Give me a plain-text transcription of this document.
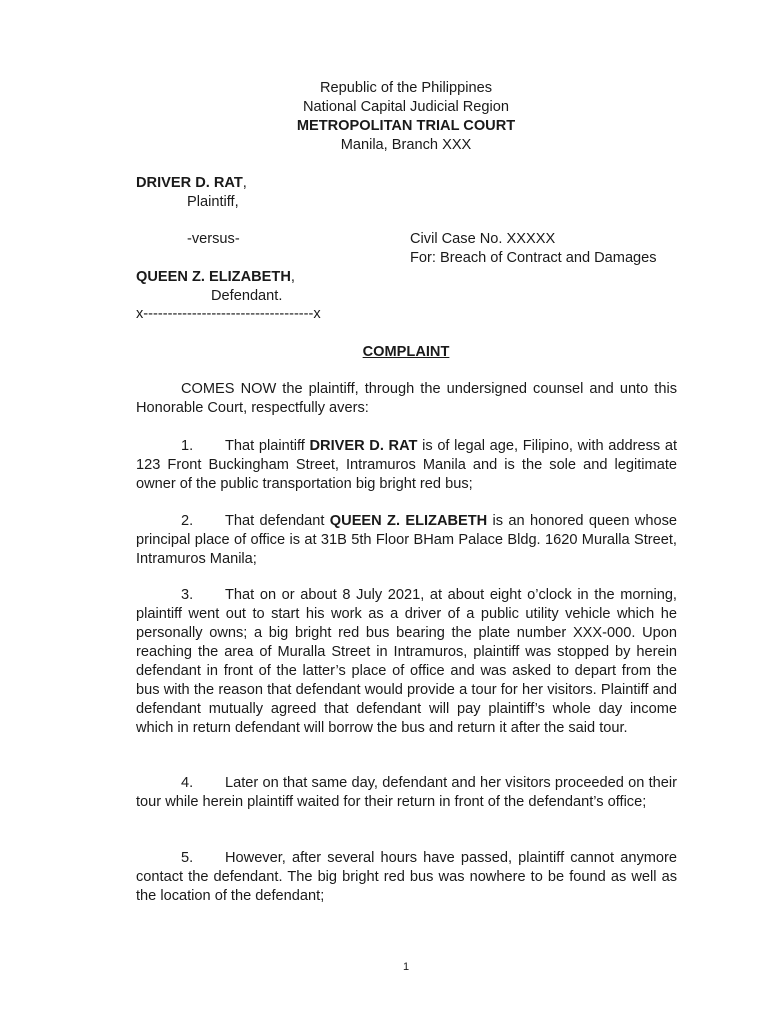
Republic of the Philippines
National Capital Judicial Region
METROPOLITAN TRIAL COURT
Manila, Branch XXX
DRIVER D. RAT,
Plaintiff,
-versus-	Civil Case No. XXXXX
For: Breach of Contract and Damages
QUEEN Z. ELIZABETH,
Defendant.
x-----------------------------------x
COMPLAINT
COMES NOW the plaintiff, through the undersigned counsel and unto this Honorable Court, respectfully avers:
1. That plaintiff DRIVER D. RAT is of legal age, Filipino, with address at 123 Front Buckingham Street, Intramuros Manila and is the sole and legitimate owner of the public transportation big bright red bus;
2. That defendant QUEEN Z. ELIZABETH is an honored queen whose principal place of office is at 31B 5th Floor BHam Palace Bldg. 1620 Muralla Street, Intramuros Manila;
3. That on or about 8 July 2021, at about eight o’clock in the morning, plaintiff went out to start his work as a driver of a public utility vehicle which he personally owns; a big bright red bus bearing the plate number XXX-000. Upon reaching the area of Muralla Street in Intramuros, plaintiff was stopped by herein defendant in front of the latter’s place of office and was asked to depart from the bus with the reason that defendant would provide a tour for her visitors. Plaintiff and defendant mutually agreed that defendant will pay plaintiff’s whole day income which in return defendant will borrow the bus and return it after the said tour.
4. Later on that same day, defendant and her visitors proceeded on their tour while herein plaintiff waited for their return in front of the defendant’s office;
5. However, after several hours have passed, plaintiff cannot anymore contact the defendant. The big bright red bus was nowhere to be found as well as the location of the defendant;
1
